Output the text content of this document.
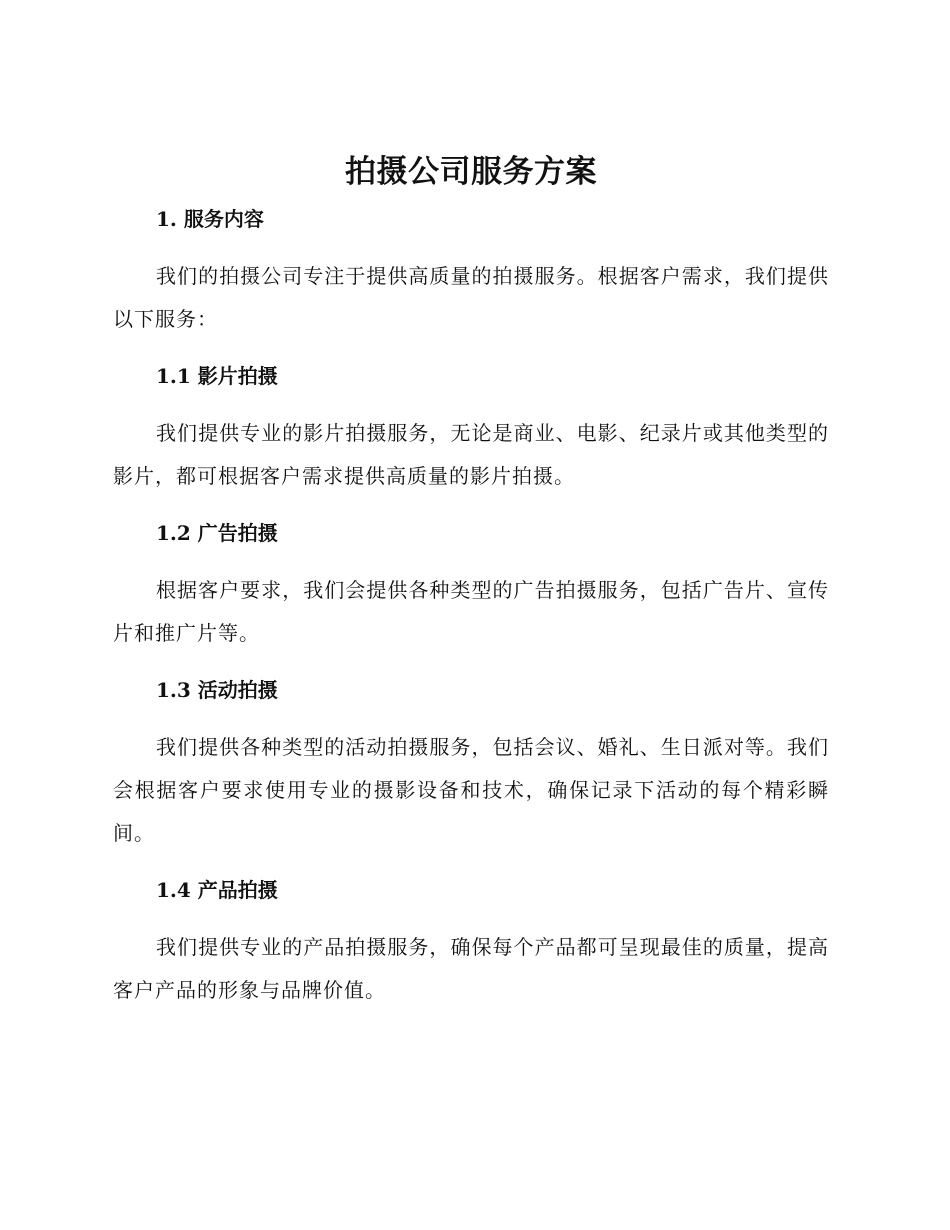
拍摄公司服务方案
1. 服务内容

我们的拍摄公司专注于提供高质量的拍摄服务。根据客户需求，我们提供以下服务：

1.1 影片拍摄

我们提供专业的影片拍摄服务，无论是商业、电影、纪录片或其他类型的影片，都可根据客户需求提供高质量的影片拍摄。

1.2 广告拍摄

根据客户要求，我们会提供各种类型的广告拍摄服务，包括广告片、宣传片和推广片等。

1.3 活动拍摄

我们提供各种类型的活动拍摄服务，包括会议、婚礼、生日派对等。我们会根据客户要求使用专业的摄影设备和技术，确保记录下活动的每个精彩瞬间。

1.4 产品拍摄

我们提供专业的产品拍摄服务，确保每个产品都可呈现最佳的质量，提高客户产品的形象与品牌价值。
